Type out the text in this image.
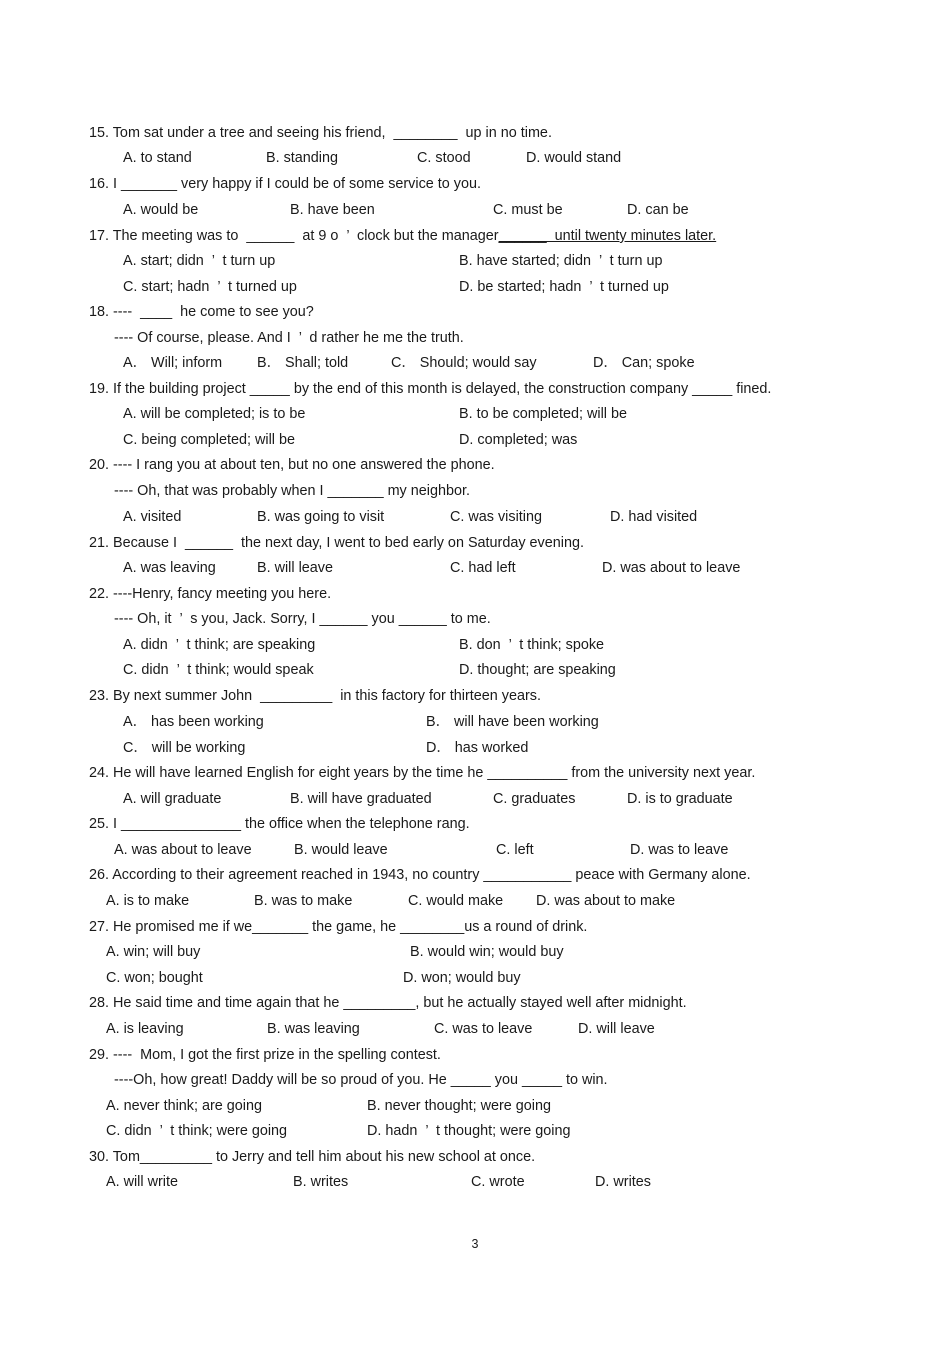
15. Tom sat under a tree and seeing his friend,  ________  up in no time.
A. to stand	B. standing	C. stood	D. would stand
16. I _______ very happy if I could be of some service to you.
A. would be	B. have been	C. must be	D. can be
17. The meeting was to  ______  at 9 o  ’  clock but the manager______  until twenty minutes later.
A. start; didn  ’  t turn up	B. have started; didn  ’  t turn up
C. start; hadn  ’  t turned up	D. be started; hadn  ’  t turned up
18. ----  ____  he come to see you?
---- Of course, please. And I  ’  d rather he me the truth.
A． Will; inform B． Shall; told	C． Should; would say	D． Can; spoke
19. If the building project _____ by the end of this month is delayed, the construction company _____ fined.
A. will be completed; is to be	B. to be completed; will be
C. being completed; will be	D. completed; was
20. ---- I rang you at about ten, but no one answered the phone.
---- Oh, that was probably when I _______ my neighbor.
A. visited	B. was going to visit	C. was visiting	D. had visited
21. Because I  ______  the next day, I went to bed early on Saturday evening.
A. was leaving	B. will leave	C. had left	D. was about to leave
22. ----Henry, fancy meeting you here.
---- Oh, it  ’  s you, Jack. Sorry, I ______ you ______ to me.
A. didn  ’  t think; are speaking	B. don  ’  t think; spoke
C. didn  ’  t think; would speak	D. thought; are speaking
23. By next summer John  _________  in this factory for thirteen years.
A． has been working	B． will have been working
C． will be working	D． has worked
24. He will have learned English for eight years by the time he __________ from the university next year.
A. will graduate	B. will have graduated	C. graduates	D. is to graduate
25. I _______________ the office when the telephone rang.
A. was about to leave	B. would leave	C. left	D. was to leave
26. According to their agreement reached in 1943, no country ___________ peace with Germany alone.
A. is to make	B. was to make	C. would make D. was about to make
27. He promised me if we_______ the game, he ________us a round of drink.
A. win; will buy	B. would win; would buy
C. won; bought	D. won; would buy
28. He said time and time again that he _________, but he actually stayed well after midnight.
A. is leaving	B. was leaving	C. was to leave	D. will leave
29. ----  Mom, I got the first prize in the spelling contest.
----Oh, how great! Daddy will be so proud of you. He _____ you _____ to win.
A. never think; are going	B. never thought; were going
C. didn  ’  t think; were going	D. hadn  ’  t thought; were going
30. Tom_________ to Jerry and tell him about his new school at once.
A. will write	B. writes	C. wrote	D. writes
3
